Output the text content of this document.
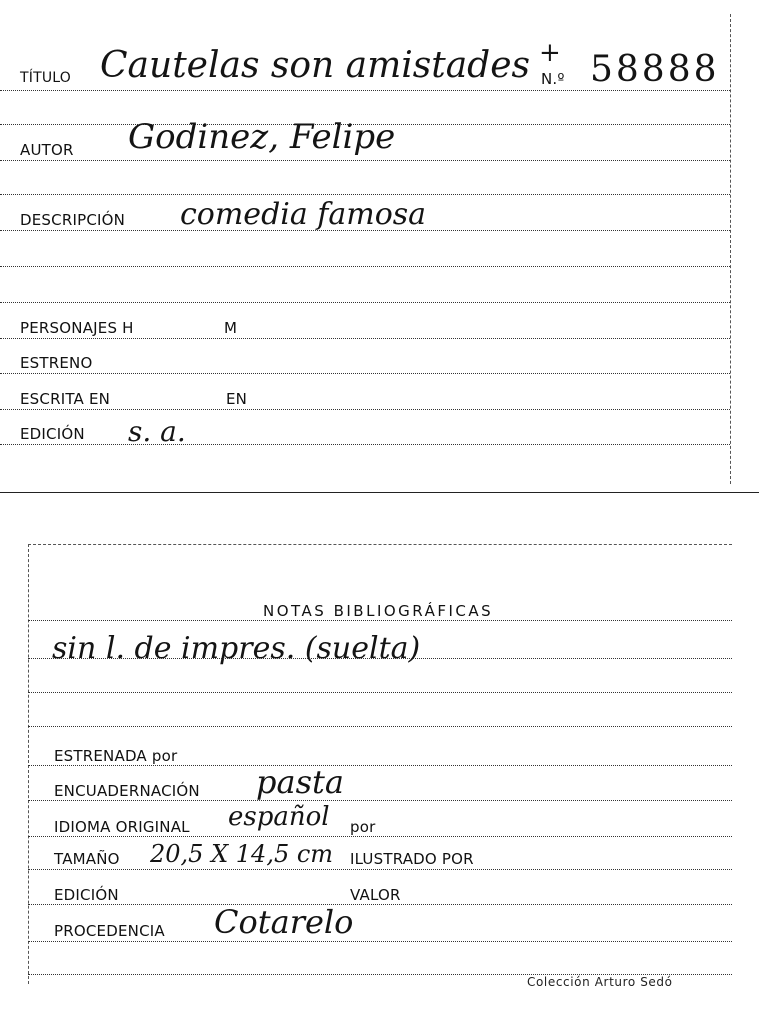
TÍTULO Cautelas son amistades +
N.º 58888
AUTOR Godinez, Felipe
DESCRIPCIÓN comedia famosa
PERSONAJES H	M
ESTRENO
ESCRITA EN	EN
EDICIÓN s. a.
NOTAS BIBLIOGRÁFICAS
sin l. de impres. (suelta)
ESTRENADA por
ENCUADERNACIÓN pasta
IDIOMA ORIGINAL español por
TAMAÑO 20,5 X 14,5 cm ILUSTRADO POR
EDICIÓN	VALOR
PROCEDENCIA Cotarelo
Colección Arturo Sedó
